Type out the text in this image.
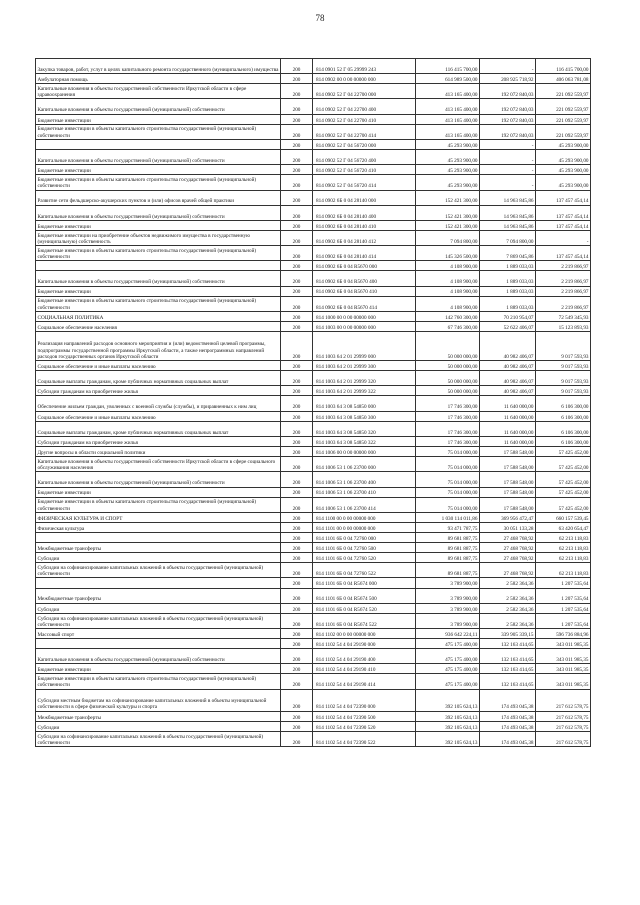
78
Закупка товаров, работ, услуг в целях капитального ремонта государственного (муниципального) имущества	200	814 0901 52 Г 05 29999 243	116 415 700,00	-	116 415 700,00
Амбулаторная помощь	200	814 0902 00 0 00 00000 000	614 989 500,00	208 925 718,92	406 063 781,08
Капитальные вложения в объекты государственной собственности Иркутской области в сфере здравоохранения	200	814 0902 52 Г 04 22700 000	413 165 400,00	192 072 840,03	221 092 559,97
Капитальные вложения в объекты государственной (муниципальной) собственности	200	814 0902 52 Г 04 22700 400	413 165 400,00	192 072 840,03	221 092 559,97
Бюджетные инвестиции	200	814 0902 52 Г 04 22700 410	413 165 400,00	192 072 840,03	221 092 559,97
Бюджетные инвестиции в объекты капитального строительства государственной (муниципальной) собственности	200	814 0902 52 Г 04 22700 414	413 165 400,00	192 072 840,03	221 092 559,97
	200	814 0902 52 Г 04 56720 000	45 293 900,00	-	45 293 900,00
Капитальные вложения в объекты государственной (муниципальной) собственности	200	814 0902 52 Г 04 56720 400	45 293 900,00	-	45 293 900,00
Бюджетные инвестиции	200	814 0902 52 Г 04 56720 410	45 293 900,00	-	45 293 900,00
Бюджетные инвестиции в объекты капитального строительства государственной (муниципальной) собственности	200	814 0902 52 Г 04 56720 414	45 293 900,00	-	45 293 900,00
Развитие сети фельдшерско-акушерских пунктов и (или) офисов врачей общей практики	200	814 0902 6Б 0 04 28140 000	152 421 300,00	14 963 845,86	137 457 454,14
Капитальные вложения в объекты государственной (муниципальной) собственности	200	814 0902 6Б 0 04 28140 400	152 421 300,00	14 963 845,86	137 457 454,14
Бюджетные инвестиции	200	814 0902 6Б 0 04 28140 410	152 421 300,00	14 963 845,86	137 457 454,14
Бюджетные инвестиции на приобретение объектов недвижимого имущества в государственную (муниципальную) собственность	200	814 0902 6Б 0 04 28140 412	7 094 800,00	7 094 800,00	-
Бюджетные инвестиции в объекты капитального строительства государственной (муниципальной) собственности	200	814 0902 6Б 0 04 28140 414	145 326 500,00	7 869 045,86	137 457 454,14
	200	814 0902 6Б 0 04 R5670 000	4 108 900,00	1 889 033,03	2 219 866,97
Капитальные вложения в объекты государственной (муниципальной) собственности	200	814 0902 6Б 0 04 R5670 400	4 108 900,00	1 889 033,03	2 219 866,97
Бюджетные инвестиции	200	814 0902 6Б 0 04 R5670 410	4 108 900,00	1 889 033,03	2 219 866,97
Бюджетные инвестиции в объекты капитального строительства государственной (муниципальной) собственности	200	814 0902 6Б 0 04 R5670 414	4 108 900,00	1 889 033,03	2 219 866,97
СОЦИАЛЬНАЯ ПОЛИТИКА	200	814 1000 00 0 00 00000 000	142 760 300,00	70 210 954,07	72 549 345,93
Социальное обеспечение населения	200	814 1003 00 0 00 00000 000	67 746 300,00	52 622 406,07	15 123 893,93
Реализация направлений расходов основного мероприятия и (или) ведомственной целевой программы, подпрограммы государственной программы Иркутской области, а также непрограммных направлений расходов государственных органов Иркутской области	200	814 1003 64 2 01 29999 000	50 000 000,00	40 982 406,07	9 017 593,93
Социальное обеспечение и иные выплаты населению	200	814 1003 64 2 01 29999 300	50 000 000,00	40 982 406,07	9 017 593,93
Социальные выплаты гражданам, кроме публичных нормативных социальных выплат	200	814 1003 64 2 01 29999 320	50 000 000,00	40 982 406,07	9 017 593,93
Субсидии гражданам на приобретение жилья	200	814 1003 64 2 01 29999 322	50 000 000,00	40 982 406,07	9 017 593,93
Обеспечение жильем граждан, уволенных с военной службы (службы), и приравненных к ним лиц	200	814 1003 64 3 08 54850 000	17 746 300,00	11 640 000,00	6 106 300,00
Социальное обеспечение и иные выплаты населению	200	814 1003 64 3 08 54850 300	17 746 300,00	11 640 000,00	6 106 300,00
Социальные выплаты гражданам, кроме публичных нормативных социальных выплат	200	814 1003 64 3 08 54850 320	17 746 300,00	11 640 000,00	6 106 300,00
Субсидии гражданам на приобретение жилья	200	814 1003 64 3 08 54850 322	17 746 300,00	11 640 000,00	6 106 300,00
Другие вопросы в области социальной политики	200	814 1006 00 0 00 00000 000	75 014 000,00	17 588 548,00	57 425 452,00
Капитальные вложения в объекты государственной собственности Иркутской области в сфере социального обслуживания населения	200	814 1006 53 1 06 23700 000	75 014 000,00	17 588 548,00	57 425 452,00
Капитальные вложения в объекты государственной (муниципальной) собственности	200	814 1006 53 1 06 23700 400	75 014 000,00	17 588 548,00	57 425 452,00
Бюджетные инвестиции	200	814 1006 53 1 06 23700 410	75 014 000,00	17 588 548,00	57 425 452,00
Бюджетные инвестиции в объекты капитального строительства государственной (муниципальной) собственности	200	814 1006 53 1 06 23700 414	75 014 000,00	17 588 548,00	57 425 452,00
ФИЗИЧЕСКАЯ КУЛЬТУРА И СПОРТ	200	814 1100 00 0 00 00000 000	1 030 114 011,86	369 956 472,47	660 157 539,45
Физическая культура	200	814 1101 00 0 00 00000 000	93 471 787,75	30 051 133,28	63 420 654,47
	200	814 1101 6Б 0 04 72760 000	89 681 887,75	27 468 768,92	62 213 118,83
Межбюджетные трансферты	200	814 1101 6Б 0 04 72760 500	89 681 887,75	27 468 768,92	62 213 118,83
Субсидии	200	814 1101 6Б 0 04 72760 520	89 681 887,75	27 468 768,92	62 213 118,83
Субсидии на софинансирование капитальных вложений в объекты государственной (муниципальной) собственности	200	814 1101 6Б 0 04 72760 522	89 681 887,75	27 468 768,92	62 213 118,83
	200	814 1101 6Б 0 04 R5674 000	3 789 900,00	2 582 364,36	1 207 535,64
Межбюджетные трансферты	200	814 1101 6Б 0 04 R5674 500	3 789 900,00	2 582 364,36	1 207 535,64
Субсидии	200	814 1101 6Б 0 04 R5674 520	3 789 900,00	2 582 364,36	1 207 535,64
Субсидии на софинансирование капитальных вложений в объекты государственной (муниципальной) собственности	200	814 1101 6Б 0 04 R5674 522	3 789 900,00	2 582 364,36	1 207 535,64
Массовый спорт	200	814 1102 00 0 00 00000 000	936 642 224,11	339 905 339,15	596 736 884,96
	200	814 1102 54 4 04 29190 000	475 175 400,00	132 163 414,65	343 011 985,35
Капитальные вложения в объекты государственной (муниципальной) собственности	200	814 1102 54 4 04 29190 400	475 175 400,00	132 163 414,65	343 011 985,35
Бюджетные инвестиции	200	814 1102 54 4 04 29190 410	475 175 400,00	132 163 414,65	343 011 985,35
Бюджетные инвестиции в объекты капитального строительства государственной (муниципальной) собственности	200	814 1102 54 4 04 29190 414	475 175 400,00	132 163 414,65	343 011 985,35
Субсидии местным бюджетам на софинансирование капитальных вложений в объекты муниципальной собственности в сфере физической культуры и спорта	200	814 1102 54 4 04 72390 000	392 105 624,13	174 493 045,38	217 612 578,75
Межбюджетные трансферты	200	814 1102 54 4 04 72390 500	392 105 624,13	174 493 045,38	217 612 578,75
Субсидии	200	814 1102 54 4 04 72390 520	392 105 624,13	174 493 045,38	217 612 578,75
Субсидии на софинансирование капитальных вложений в объекты государственной (муниципальной) собственности	200	814 1102 54 4 04 72390 522	392 105 624,13	174 493 045,38	217 612 578,75
